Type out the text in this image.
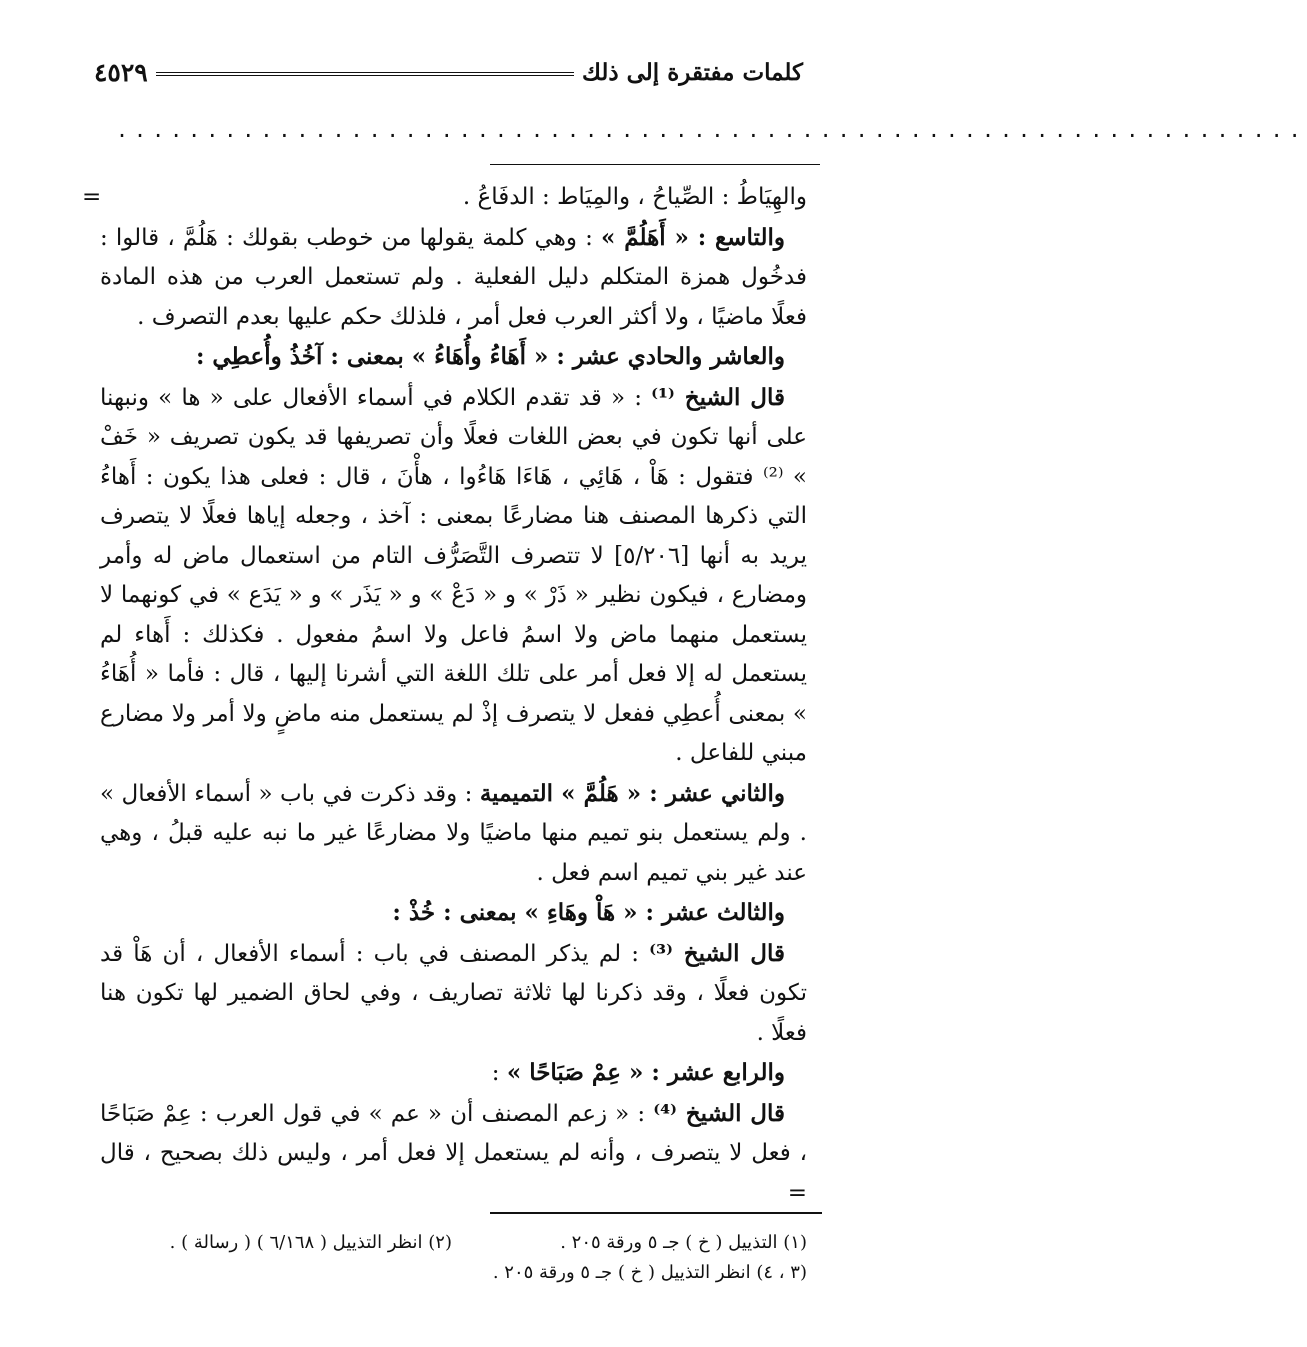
كلمات مفتقرة إلى ذلك
٤٥٢٩
..................................................................

=	والهِيَاطُ : الصِّياحُ ، والمِيَاط : الدفَاعُ .

والتاسع : « أَهَلُمَّ » : وهي كلمة يقولها من خوطب بقولك : هَلُمَّ ، قالوا : فدخُول همزة المتكلم دليل الفعلية . ولم تستعمل العرب من هذه المادة فعلًا ماضيًا ، ولا أكثر العرب فعل أمر ، فلذلك حكم عليها بعدم التصرف .

والعاشر والحادي عشر : « أَهَاءُ وأُهَاءُ » بمعنى : آخُذُ وأُعطِي :

قال الشيخ ⁽¹⁾ : « قد تقدم الكلام في أسماء الأفعال على « ها » ونبهنا على أنها تكون في بعض اللغات فعلًا وأن تصريفها قد يكون تصريف « خَفْ » ⁽²⁾ فتقول : هَاْ ، هَائِي ، هَاءَا هَاءُوا ، هأْنَ ، قال : فعلى هذا يكون : أَهاءُ التي ذكرها المصنف هنا مضارعًا بمعنى : آخذ ، وجعله إياها فعلًا لا يتصرف يريد به أنها [٥/٢٠٦] لا تتصرف التَّصَرُّف التام من استعمال ماض له وأمر ومضارع ، فيكون نظير « ذَرْ » و « دَعْ » و « يَذَر » و « يَدَع » في كونهما لا يستعمل منهما ماض ولا اسمُ فاعل ولا اسمُ مفعول . فكذلك : أَهاء لم يستعمل له إلا فعل أمر على تلك اللغة التي أشرنا إليها ، قال : فأما « أُهَاءُ » بمعنى أُعطِي ففعل لا يتصرف إذْ لم يستعمل منه ماضٍ ولا أمر ولا مضارع مبني للفاعل .

والثاني عشر : « هَلُمَّ » التميمية : وقد ذكرت في باب « أسماء الأفعال » . ولم يستعمل بنو تميم منها ماضيًا ولا مضارعًا غير ما نبه عليه قبلُ ، وهي عند غير بني تميم اسم فعل .

والثالث عشر : « هَاْ وهَاءِ » بمعنى : خُذْ :

قال الشيخ ⁽³⁾ : لم يذكر المصنف في باب : أسماء الأفعال ، أن هَاْ قد تكون فعلًا ، وقد ذكرنا لها ثلاثة تصاريف ، وفي لحاق الضمير لها تكون هنا فعلًا .

والرابع عشر : « عِمْ صَبَاحًا » :

قال الشيخ ⁽⁴⁾ : « زعم المصنف أن « عم » في قول العرب : عِمْ صَبَاحًا ، فعل لا يتصرف ، وأنه لم يستعمل إلا فعل أمر ، وليس ذلك بصحيح ، قال =

(١) التذييل ( خ ) جـ ٥ ورقة ٢٠٥ .
(٢) انظر التذييل ( ٦/١٦٨ ) ( رسالة ) .
(٣ ، ٤) انظر التذييل ( خ ) جـ ٥ ورقة ٢٠٥ .
